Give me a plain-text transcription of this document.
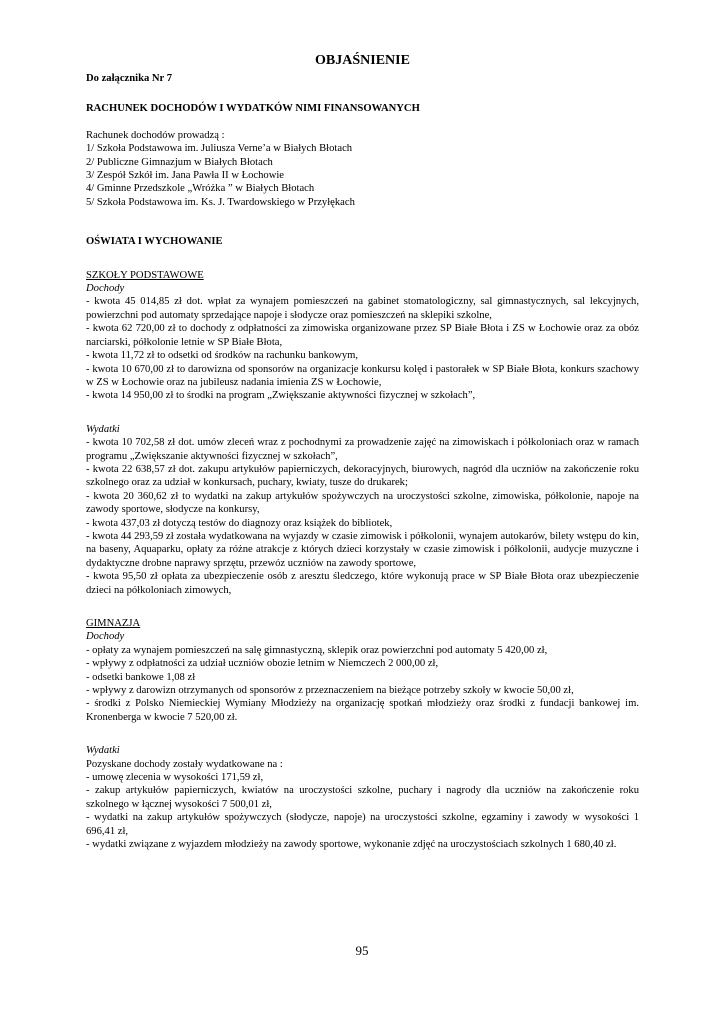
OBJAŚNIENIE

Do załącznika Nr 7

RACHUNEK DOCHODÓW I WYDATKÓW NIMI FINANSOWANYCH

Rachunek dochodów prowadzą :

1/ Szkoła Podstawowa im. Juliusza Verne’a w Białych Błotach

2/ Publiczne Gimnazjum w Białych Błotach

3/ Zespół Szkół im. Jana Pawła II w Łochowie

4/ Gminne Przedszkole „Wróżka ” w Białych Błotach

5/ Szkoła Podstawowa im. Ks. J. Twardowskiego w Przyłękach

OŚWIATA I WYCHOWANIE

SZKOŁY PODSTAWOWE

Dochody

- kwota 45 014,85 zł dot. wpłat za wynajem pomieszczeń na gabinet stomatologiczny, sal gimnastycznych, sal lekcyjnych, powierzchni pod automaty sprzedające napoje i słodycze oraz pomieszczeń na sklepiki szkolne,

- kwota 62 720,00 zł to dochody z odpłatności za zimowiska organizowane przez SP Białe Błota i ZS w Łochowie oraz za obóz narciarski, półkolonie letnie w SP Białe Błota,

- kwota 11,72 zł to odsetki od środków na rachunku bankowym,

- kwota 10 670,00 zł to darowizna od sponsorów na organizacje konkursu kolęd i pastorałek w SP Białe Błota, konkurs szachowy w ZS w Łochowie oraz na jubileusz nadania imienia ZS w Łochowie,

- kwota 14 950,00 zł to środki na program „Zwiększanie aktywności fizycznej w szkołach”,

Wydatki

- kwota 10 702,58 zł dot. umów zleceń wraz z pochodnymi za prowadzenie zajęć na zimowiskach i półkoloniach oraz w ramach programu „Zwiększanie aktywności fizycznej w szkołach”,

- kwota 22 638,57 zł dot. zakupu artykułów papierniczych, dekoracyjnych, biurowych, nagród dla uczniów na zakończenie roku szkolnego oraz za udział w konkursach, puchary, kwiaty, tusze do drukarek;

- kwota 20 360,62 zł to wydatki na zakup artykułów spożywczych na uroczystości szkolne, zimowiska, półkolonie, napoje na zawody sportowe, słodycze na konkursy,

- kwota 437,03 zł dotyczą testów do diagnozy oraz książek do bibliotek,

- kwota 44 293,59 zł została wydatkowana na wyjazdy w czasie zimowisk i półkolonii, wynajem autokarów, bilety wstępu do kin, na baseny, Aquaparku, opłaty za różne atrakcje z których dzieci korzystały w czasie zimowisk i półkolonii, audycje muzyczne i dydaktyczne drobne naprawy sprzętu, przewóz uczniów na zawody sportowe,

- kwota 95,50 zł opłata za ubezpieczenie osób z aresztu śledczego, które wykonują prace w SP Białe Błota oraz ubezpieczenie dzieci na półkoloniach zimowych,

GIMNAZJA

Dochody

- opłaty za wynajem pomieszczeń na salę gimnastyczną, sklepik oraz powierzchni pod automaty 5 420,00 zł,

- wpływy z odpłatności za udział uczniów obozie letnim w Niemczech 2 000,00 zł,

- odsetki bankowe 1,08 zł

- wpływy z darowizn otrzymanych od sponsorów z przeznaczeniem na bieżące potrzeby szkoły w kwocie 50,00 zł,

- środki z Polsko Niemieckiej Wymiany Młodzieży na organizację spotkań młodzieży oraz środki z fundacji bankowej im. Kronenberga w kwocie 7 520,00 zł.

Wydatki

Pozyskane dochody zostały wydatkowane na :

- umowę zlecenia w wysokości 171,59 zł,

- zakup artykułów papierniczych, kwiatów na uroczystości szkolne, puchary i nagrody dla uczniów na zakończenie roku szkolnego w łącznej wysokości 7 500,01 zł,

- wydatki na zakup artykułów spożywczych (słodycze, napoje) na uroczystości szkolne, egzaminy i zawody w wysokości 1 696,41 zł,

- wydatki związane z wyjazdem młodzieży na zawody sportowe, wykonanie zdjęć na uroczystościach szkolnych 1 680,40 zł.

95
